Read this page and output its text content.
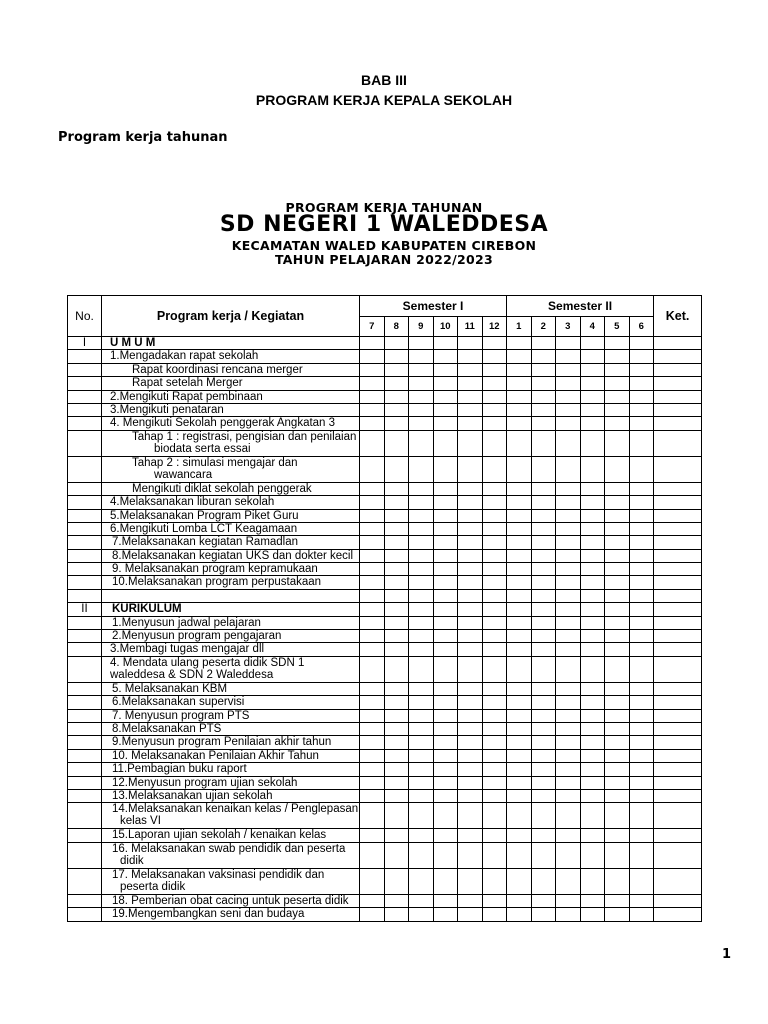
BAB III
PROGRAM KERJA KEPALA SEKOLAH
Program kerja tahunan
PROGRAM KERJA TAHUNAN
SD NEGERI 1 WALEDDESA
KECAMATAN WALED KABUPATEN CIREBON
TAHUN PELAJARAN 2022/2023
No.	Program kerja / Kegiatan	Semester I						Semester II						Ket.
		7	8	9	10	11	12	1	2	3	4	5	6	
I	U M U M													

	1.Mengadakan rapat sekolah													

	Rapat koordinasi rencana merger													

	Rapat setelah Merger													

	2.Mengikuti Rapat pembinaan													

	3.Mengikuti penataran													

	4. Mengikuti Sekolah penggerak Angkatan 3													

	Tahap 1 : registrasi, pengisian dan penilaian
biodata serta essai													

	Tahap 2 : simulasi mengajar dan
wawancara													

	Mengikuti diklat sekolah penggerak													

	4.Melaksanakan liburan sekolah													

	5.Melaksanakan Program Piket Guru													

	6.Mengikuti Lomba LCT Keagamaan													

	7.Melaksanakan kegiatan Ramadlan													

	8.Melaksanakan kegiatan UKS dan dokter kecil													

	9. Melaksanakan program kepramukaan													

	10.Melaksanakan program perpustakaan													

II	KURIKULUM													

	1.Menyusun jadwal pelajaran													

	2.Menyusun program pengajaran													

	3.Membagi tugas mengajar dll													

	4. Mendata ulang peserta didik SDN 1
waleddesa & SDN 2 Waleddesa													

	5. Melaksanakan KBM													

	6.Melaksanakan supervisi													

	7. Menyusun program PTS													

	8.Melaksanakan PTS													

	9.Menyusun program Penilaian akhir tahun													

	10. Melaksanakan Penilaian Akhir Tahun													

	11.Pembagian buku raport													

	12.Menyusun program ujian sekolah													

	13.Melaksanakan ujian sekolah													

	14.Melaksanakan kenaikan kelas / Penglepasan
kelas VI													

	15.Laporan ujian sekolah / kenaikan kelas													

	16. Melaksanakan swab pendidik dan peserta
didik													

	17. Melaksanakan vaksinasi pendidik dan
peserta didik													

	18. Pemberian obat cacing untuk peserta didik													

	19.Mengembangkan seni dan budaya													

1
